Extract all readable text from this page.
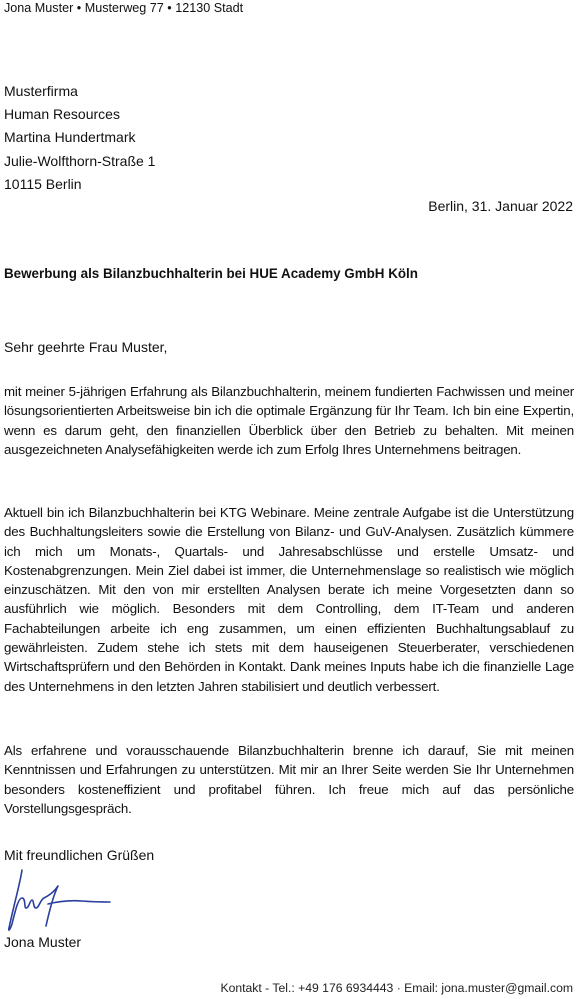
Jona Muster • Musterweg 77 • 12130 Stadt
Musterfirma
Human Resources
Martina Hundertmark
Julie-Wolfthorn-Straße 1
10115 Berlin
Berlin, 31. Januar 2022
Bewerbung als Bilanzbuchhalterin bei HUE Academy GmbH Köln
Sehr geehrte Frau Muster,

mit meiner 5-jährigen Erfahrung als Bilanzbuchhalterin, meinem fundierten Fachwissen und meiner lösungsorientierten Arbeitsweise bin ich die optimale Ergänzung für Ihr Team. Ich bin eine Expertin, wenn es darum geht, den finanziellen Überblick über den Betrieb zu behalten. Mit meinen ausgezeichneten Analysefähigkeiten werde ich zum Erfolg Ihres Unternehmens beitragen.

Aktuell bin ich Bilanzbuchhalterin bei KTG Webinare. Meine zentrale Aufgabe ist die Unterstützung des Buchhaltungsleiters sowie die Erstellung von Bilanz- und GuV-Analysen. Zusätzlich kümmere ich mich um Monats-, Quartals- und Jahresabschlüsse und erstelle Umsatz- und Kostenabgrenzungen. Mein Ziel dabei ist immer, die Unternehmenslage so realistisch wie möglich einzuschätzen. Mit den von mir erstellten Analysen berate ich meine Vorgesetzten dann so ausführlich wie möglich. Besonders mit dem Controlling, dem IT-Team und anderen Fachabteilungen arbeite ich eng zusammen, um einen effizienten Buchhaltungsablauf zu gewährleisten. Zudem stehe ich stets mit dem hauseigenen Steuerberater, verschiedenen Wirtschaftsprüfern und den Behörden in Kontakt. Dank meines Inputs habe ich die finanzielle Lage des Unternehmens in den letzten Jahren stabilisiert und deutlich verbessert.

Als erfahrene und vorausschauende Bilanzbuchhalterin brenne ich darauf, Sie mit meinen Kenntnissen und Erfahrungen zu unterstützen. Mit mir an Ihrer Seite werden Sie Ihr Unternehmen besonders kosteneffizient und profitabel führen. Ich freue mich auf das persönliche Vorstellungsgespräch.

Mit freundlichen Grüßen
Jona Muster
Kontakt - Tel.: +49 176 6934443 · Email: jona.muster@gmail.com
